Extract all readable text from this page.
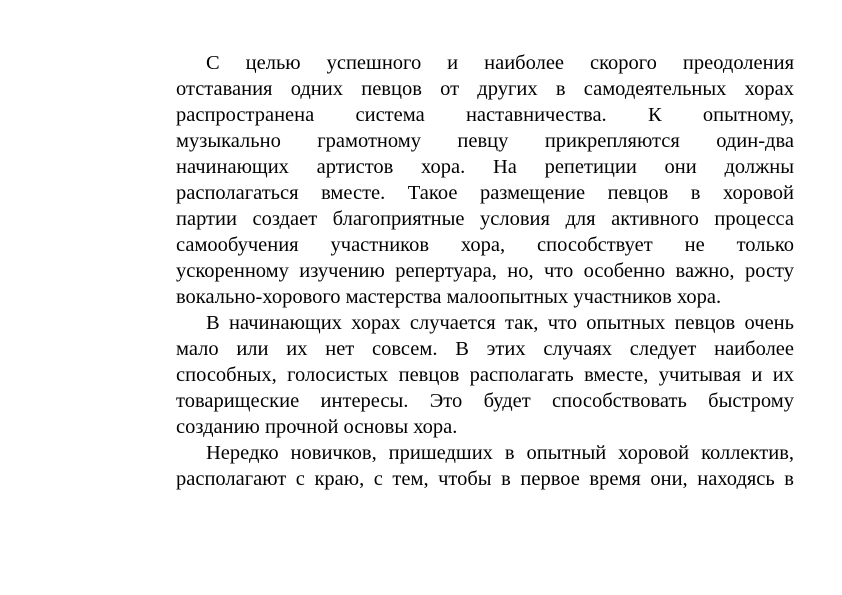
С целью успешного и наиболее скорого преодоления
отставания одних певцов от других в самодеятельных хорах
распространена система наставничества. К опытному,
музыкально грамотному певцу прикрепляются один-два
начинающих артистов хора. На репетиции они должны
располагаться вместе. Такое размещение певцов в хоровой
партии создает благоприятные условия для активного процесса
самообучения участников хора, способствует не только
ускоренному изучению репертуара, но, что особенно важно, росту
вокально-хорового мастерства малоопытных участников хора.
В начинающих хорах случается так, что опытных певцов очень
мало или их нет совсем. В этих случаях следует наиболее
способных, голосистых певцов располагать вместе, учитывая и их
товарищеские интересы. Это будет способствовать быстрому
созданию прочной основы хора.
Нередко новичков, пришедших в опытный хоровой коллектив,
располагают с краю, с тем, чтобы в первое время они, находясь в
